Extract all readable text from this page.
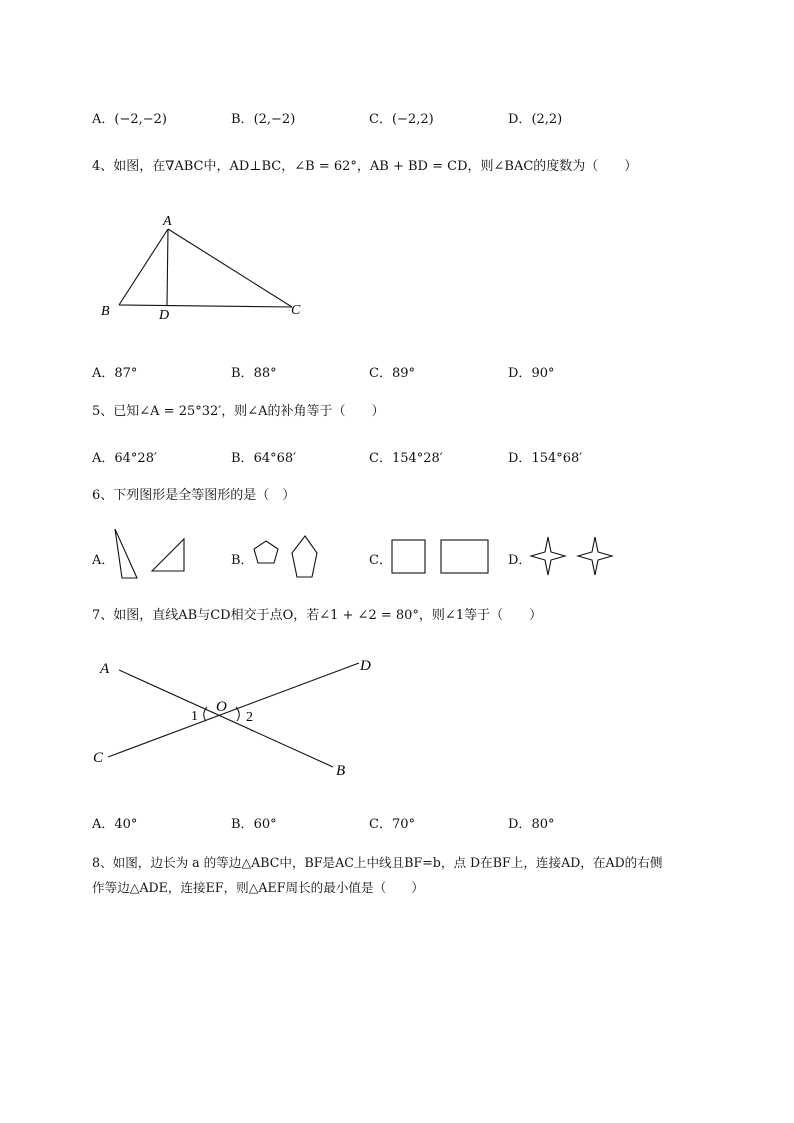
A．(−2,−2)	B．(2,−2)	C．(−2,2)	D．(2,2)
4、如图，在∇ABC中，AD⊥BC，∠B = 62°，AB + BD = CD，则∠BAC的度数为（　　）
A
B	D	C
A．87°	B．88°	C．89°	D．90°
5、已知∠A = 25°32′，则∠A的补角等于（　　）
A．64°28′	B．64°68′	C．154°28′	D．154°68′
6、下列图形是全等图形的是（　）
A．	B．	C．	D．
7、如图，直线AB与CD相交于点O，若∠1 + ∠2 = 80°，则∠1等于（　　）
A	D
C
B
O
1	2
A．40°	B．60°	C．70°	D．80°
8、如图，边长为 a 的等边△ABC中，BF是AC上中线且BF=b，点 D在BF上，连接AD，在AD的右侧
作等边△ADE，连接EF，则△AEF周长的最小值是（　　）
